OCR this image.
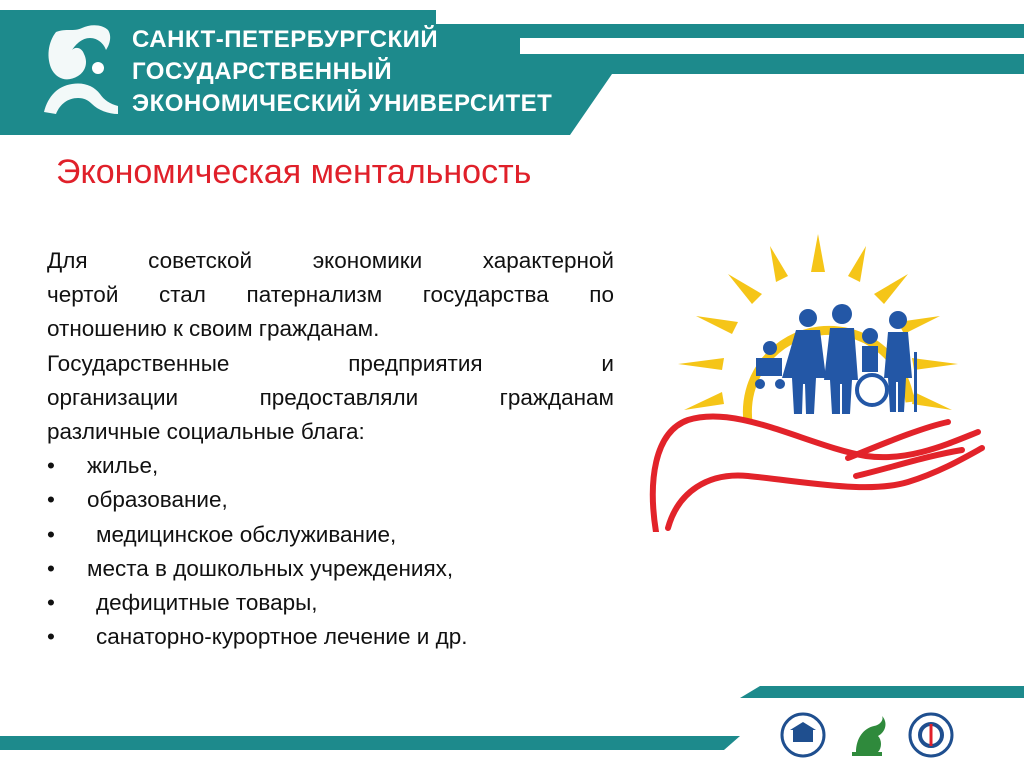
САНКТ-ПЕТЕРБУРГСКИЙ
ГОСУДАРСТВЕННЫЙ
ЭКОНОМИЧЕСКИЙ УНИВЕРСИТЕТ
Экономическая ментальность

Для советской экономики характерной

чертой стал патернализм государства по

отношению к своим гражданам.

Государственные предприятия и

организации предоставляли гражданам

различные социальные блага:

•	жилье,
•	образование,
•	медицинское обслуживание,
•	места в дошкольных учреждениях,
•	дефицитные товары,
•	санаторно-курортное лечение и др.
